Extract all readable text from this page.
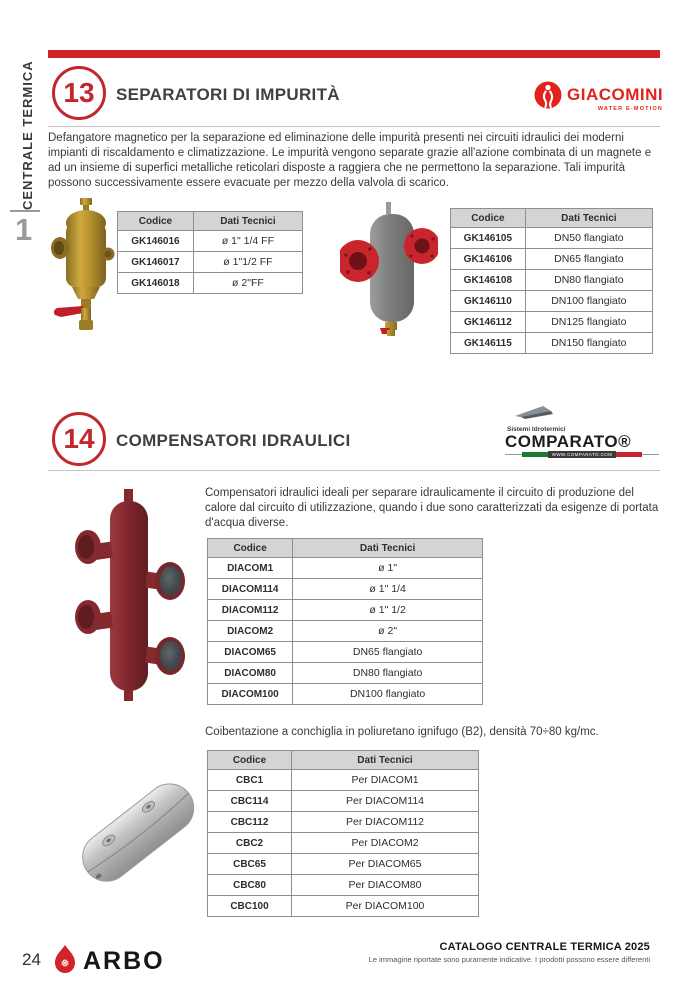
CENTRALE TERMICA
1
13	SEPARATORI DI IMPURITÀ	GIACOMINI
WATER E-MOTION

Defangatore magnetico per la separazione ed eliminazione delle impurità presenti nei circuiti idraulici dei moderni impianti di riscaldamento e climatizzazione. Le impurità vengono separate grazie all'azione combinata di un magnete e ad un insieme di superfici metalliche reticolari disposte a raggiera che ne permettono la separazione. Tali impurità possono successivamente essere evacuate per mezzo della valvola di scarico.

Codice	Dati Tecnici
GK146016	ø 1" 1/4 FF
GK146017	ø 1"1/2 FF
GK146018	ø 2"FF
Codice	Dati Tecnici
GK146105	DN50 flangiato
GK146106	DN65 flangiato
GK146108	DN80 flangiato
GK146110	DN100 flangiato
GK146112	DN125 flangiato
GK146115	DN150 flangiato
14	COMPENSATORI IDRAULICI
Sistemi Idrotermici
COMPARATO®
WWW.COMPARATO.COM

Compensatori idraulici ideali per separare idraulicamente il circuito di produzione del calore dal circuito di utilizzazione, quando i due sono caratterizzati da esigenze di portata d'acqua diverse.

Codice	Dati Tecnici
DIACOM1	ø 1"
DIACOM114	ø 1" 1/4
DIACOM112	ø 1" 1/2
DIACOM2	ø 2"
DIACOM65	DN65 flangiato
DIACOM80	DN80 flangiato
DIACOM100	DN100 flangiato

Coibentazione a conchiglia in poliuretano ignifugo (B2), densità 70÷80 kg/mc.

Codice	Dati Tecnici
CBC1	Per DIACOM1
CBC114	Per DIACOM114
CBC112	Per DIACOM112
CBC2	Per DIACOM2
CBC65	Per DIACOM65
CBC80	Per DIACOM80
CBC100	Per DIACOM100
24 ❅ ARBO	CATALOGO CENTRALE TERMICA 2025
Le immagine riportate sono puramente indicative. I prodotti possono essere differenti
